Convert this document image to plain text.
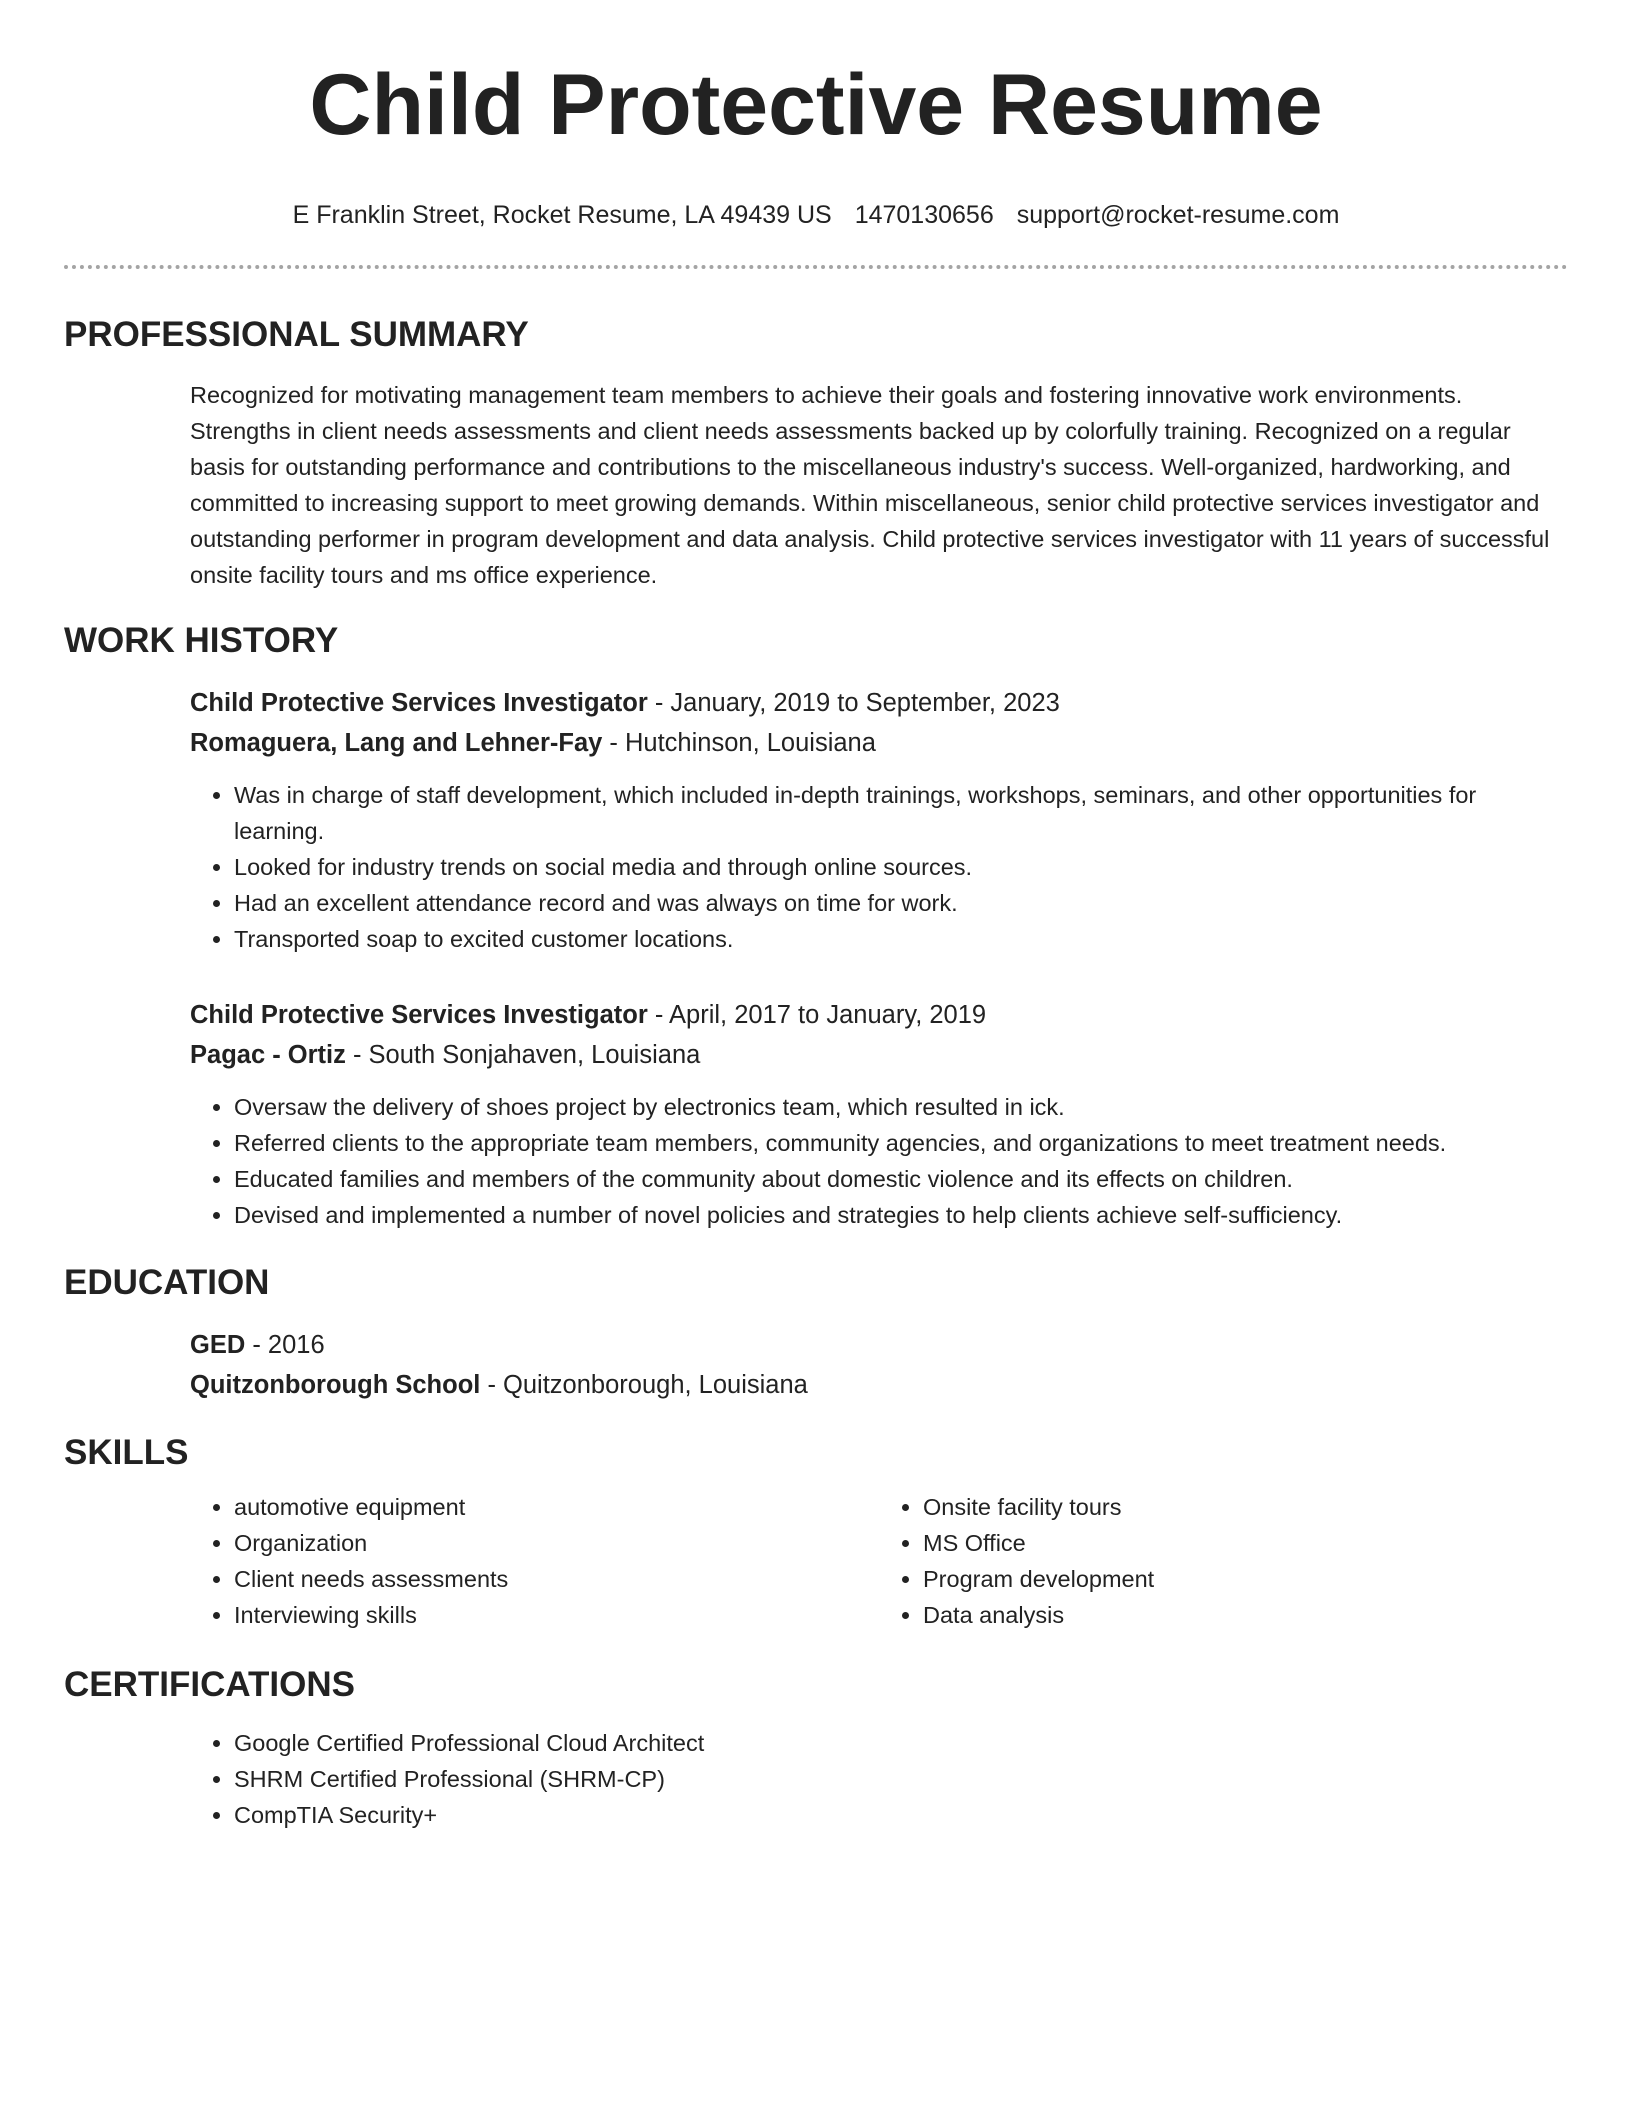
Child Protective Resume
E Franklin Street, Rocket Resume, LA 49439 US 1470130656 support@rocket-resume.com
PROFESSIONAL SUMMARY
Recognized for motivating management team members to achieve their goals and fostering innovative work environments. Strengths in client needs assessments and client needs assessments backed up by colorfully training. Recognized on a regular basis for outstanding performance and contributions to the miscellaneous industry's success. Well-organized, hardworking, and committed to increasing support to meet growing demands. Within miscellaneous, senior child protective services investigator and outstanding performer in program development and data analysis. Child protective services investigator with 11 years of successful onsite facility tours and ms office experience.
WORK HISTORY
Child Protective Services Investigator - January, 2019 to September, 2023
Romaguera, Lang and Lehner-Fay - Hutchinson, Louisiana
• Was in charge of staff development, which included in-depth trainings, workshops, seminars, and other opportunities for learning.
• Looked for industry trends on social media and through online sources.
• Had an excellent attendance record and was always on time for work.
• Transported soap to excited customer locations.
Child Protective Services Investigator - April, 2017 to January, 2019
Pagac - Ortiz - South Sonjahaven, Louisiana
• Oversaw the delivery of shoes project by electronics team, which resulted in ick.
• Referred clients to the appropriate team members, community agencies, and organizations to meet treatment needs.
• Educated families and members of the community about domestic violence and its effects on children.
• Devised and implemented a number of novel policies and strategies to help clients achieve self-sufficiency.
EDUCATION
GED - 2016
Quitzonborough School - Quitzonborough, Louisiana
SKILLS
• automotive equipment
• Organization
• Client needs assessments
• Interviewing skills
• Onsite facility tours
• MS Office
• Program development
• Data analysis
CERTIFICATIONS
• Google Certified Professional Cloud Architect
• SHRM Certified Professional (SHRM-CP)
• CompTIA Security+
